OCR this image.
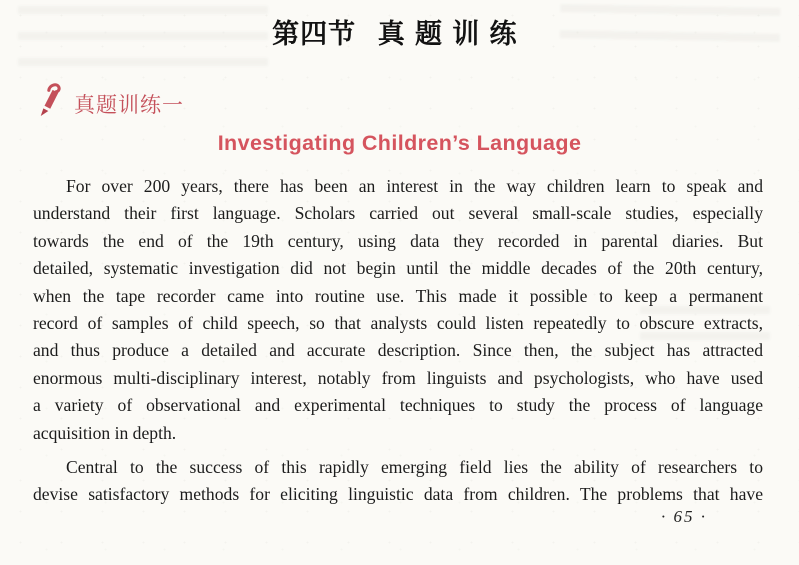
第四节 真题训练
真题训练一
Investigating Children’s Language
For over 200 years, there has been an interest in the way children learn to speak and
understand their first language. Scholars carried out several small-scale studies, especially
towards the end of the 19th century, using data they recorded in parental diaries. But
detailed, systematic investigation did not begin until the middle decades of the 20th century,
when the tape recorder came into routine use. This made it possible to keep a permanent
record of samples of child speech, so that analysts could listen repeatedly to obscure extracts,
and thus produce a detailed and accurate description. Since then, the subject has attracted
enormous multi-disciplinary interest, notably from linguists and psychologists, who have used
a variety of observational and experimental techniques to study the process of language
acquisition in depth.
Central to the success of this rapidly emerging field lies the ability of researchers to
devise satisfactory methods for eliciting linguistic data from children. The problems that have
· 65 ·
